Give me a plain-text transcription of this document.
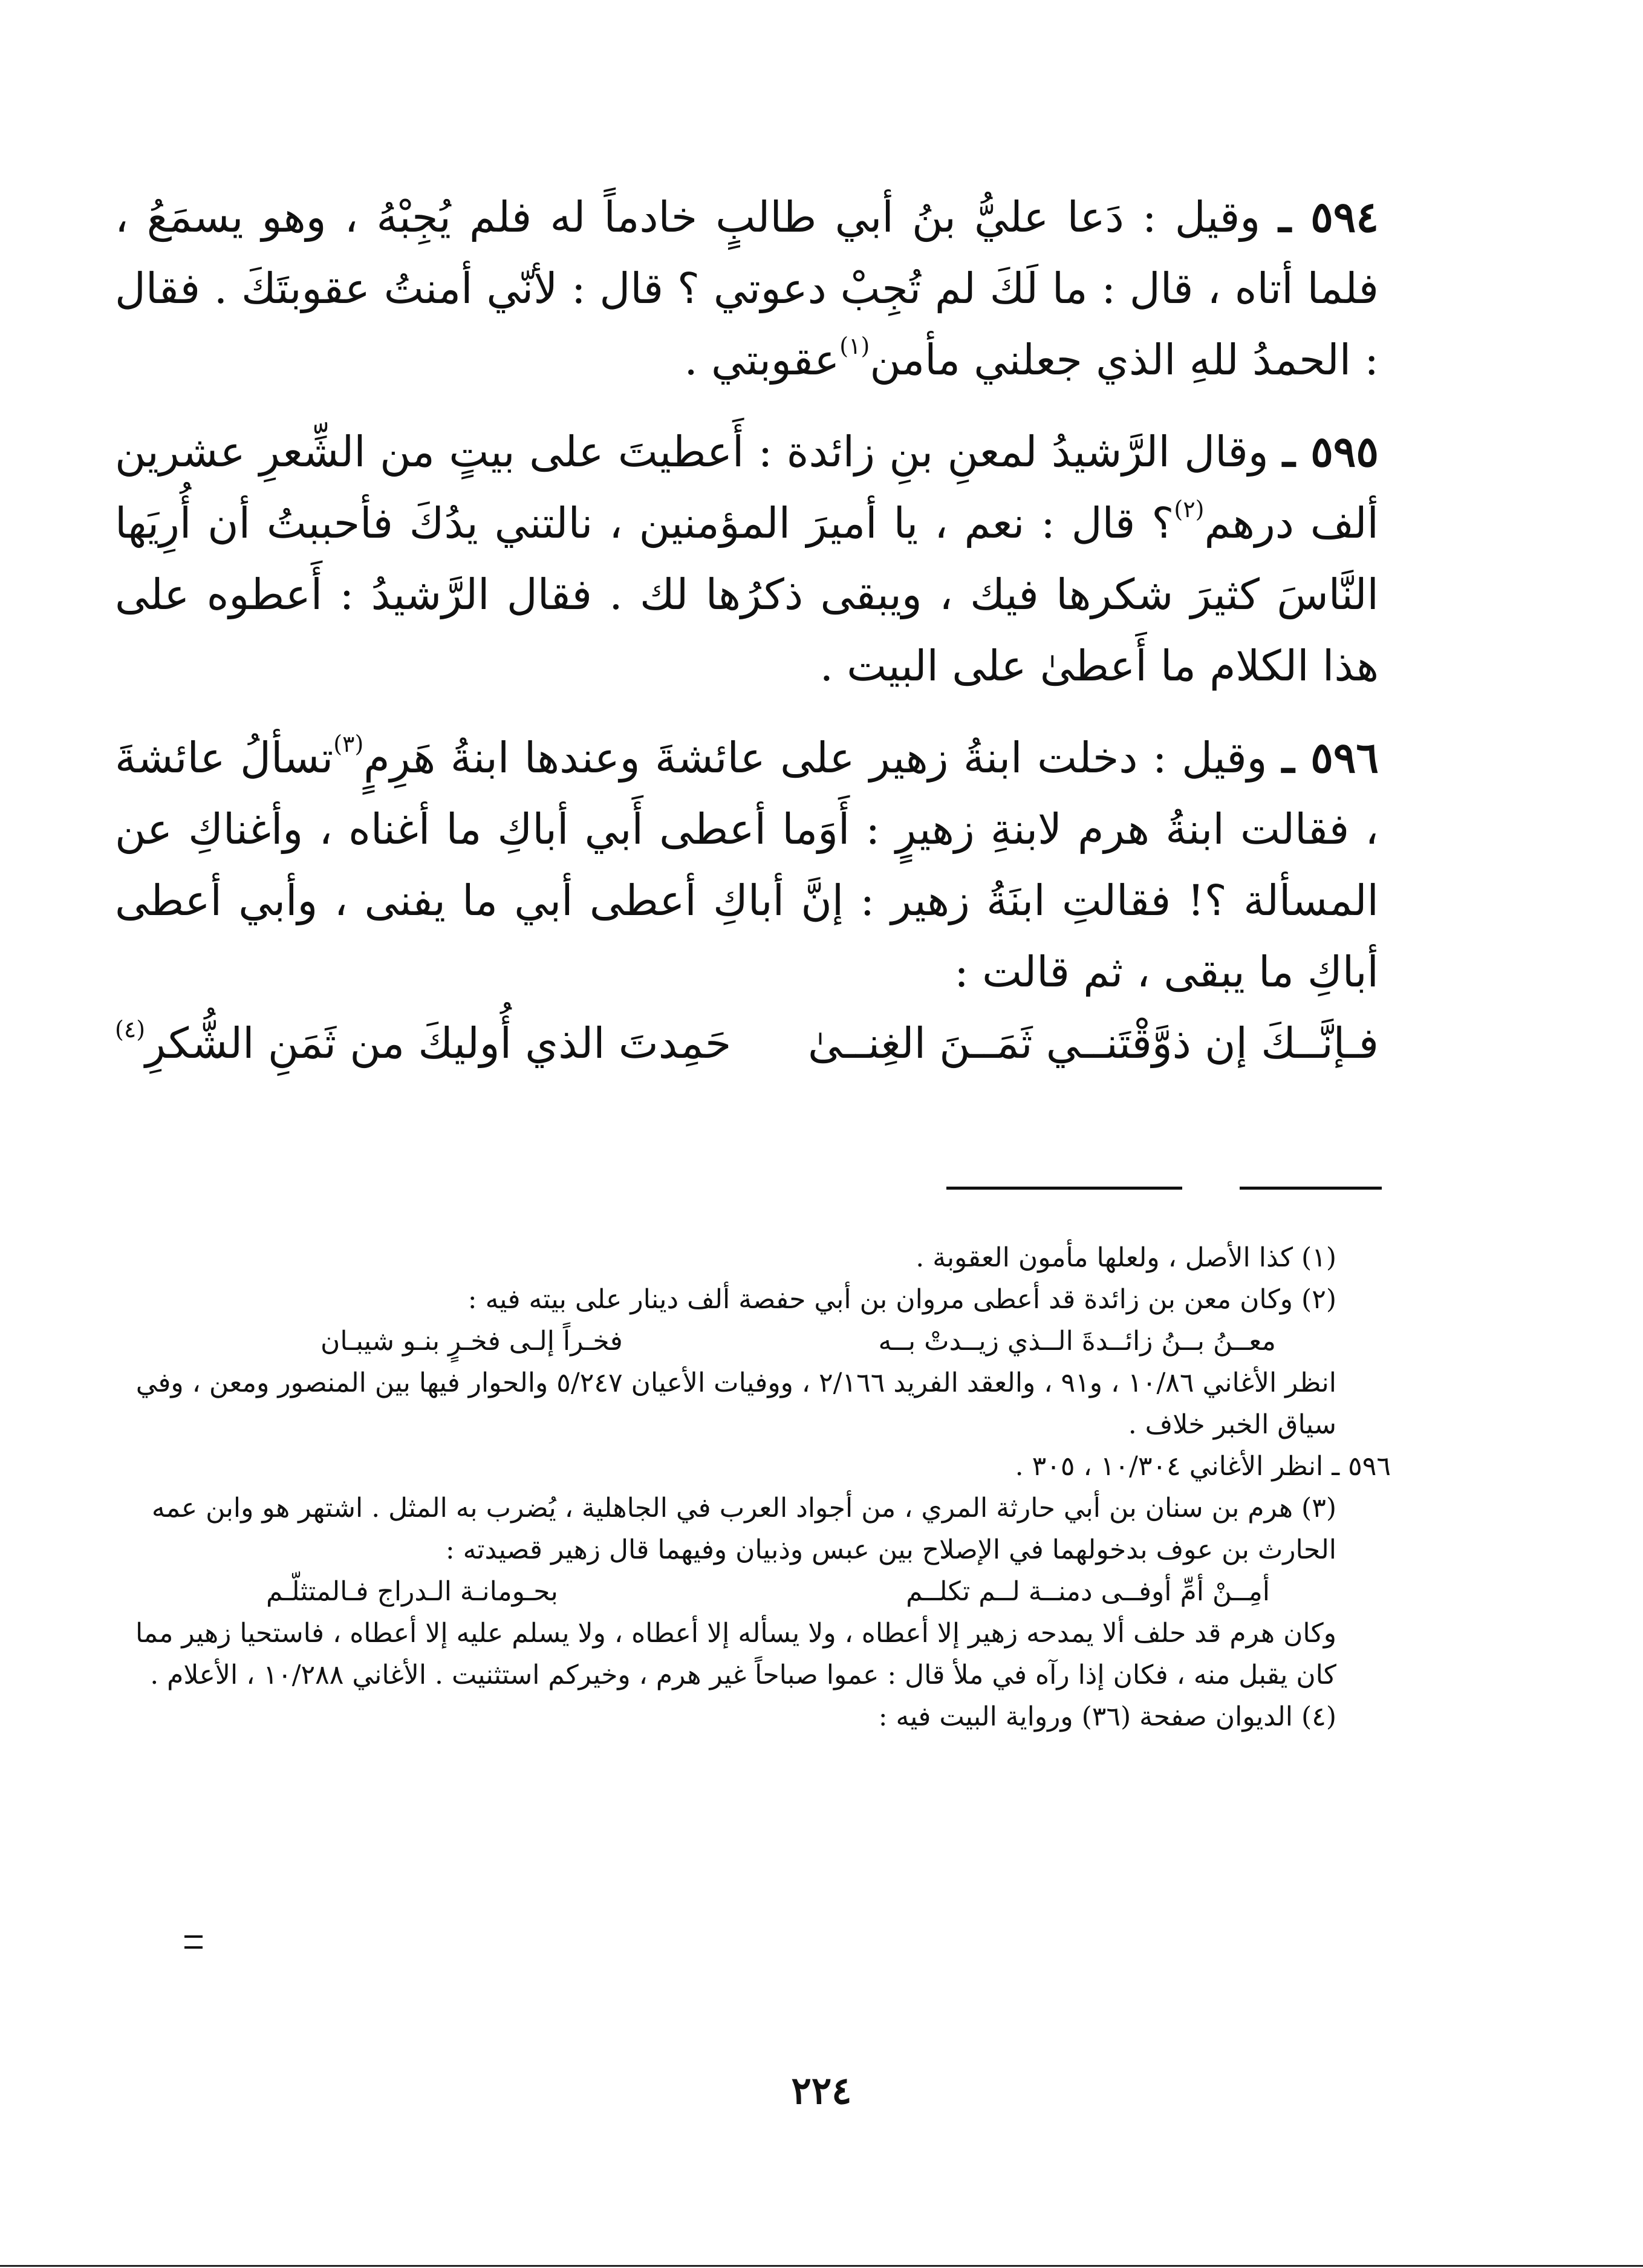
٥٩٤ ـ وقيل : دَعا عليُّ بنُ أبي طالبٍ خادماً له فلم يُجِبْهُ ، وهو يسمَعُ ، فلما أتاه ، قال : ما لَكَ لم تُجِبْ دعوتي ؟ قال : لأنّي أمنتُ عقوبتَكَ . فقال : الحمدُ للهِ الذي جعلني مأمن$^{(١)}$عقوبتي .

٥٩٥ ـ وقال الرَّشيدُ لمعنِ بنِ زائدة : أَعطيتَ على بيتٍ من الشِّعرِ عشرين ألف درهم$^{(٢)}$؟ قال : نعم ، يا أميرَ المؤمنين ، نالتني يدُكَ فأحببتُ أن أُرِيَها النَّاسَ كثيرَ شكرها فيك ، ويبقى ذكرُها لك . فقال الرَّشيدُ : أَعطوه على هذا الكلام ما أَعطىٰ على البيت .

٥٩٦ ـ وقيل : دخلت ابنةُ زهير على عائشةَ وعندها ابنةُ هَرِمٍ$^{(٣)}$تسألُ عائشةَ ، فقالت ابنةُ هرم لابنةِ زهيرٍ : أَوَما أعطى أَبي أباكِ ما أغناه ، وأغناكِ عن المسألة ؟! فقالتِ ابنَةُ زهير : إنَّ أباكِ أعطى أبي ما يفنى ، وأبي أعطى أباكِ ما يبقى ، ثم قالت :

فـإنَّــكَ إن ذوَّقْتَنــي ثَمَــنَ الغِنــىٰ
حَمِدتَ الذي أُوليكَ من ثَمَنِ الشُّكرِ$^{(٤)}$

(١) كذا الأصل ، ولعلها مأمون العقوبة .

(٢) وكان معن بن زائدة قد أعطى مروان بن أبي حفصة ألف دينار على بيته فيه :

معــنُ بــنُ زائــدةَ الــذي زيــدتْ بــه
فخـراً إلـى فخـرٍ بنـو شيبـان

انظر الأغاني ١٠/٨٦ ، و٩١ ، والعقد الفريد ٢/١٦٦ ، ووفيات الأعيان ٥/٢٤٧ والحوار فيها بين المنصور ومعن ، وفي سياق الخبر خلاف .

٥٩٦ ـ انظر الأغاني ١٠/٣٠٤ ، ٣٠٥ .

(٣) هرم بن سنان بن أبي حارثة المري ، من أجواد العرب في الجاهلية ، يُضرب به المثل . اشتهر هو وابن عمه الحارث بن عوف بدخولهما في الإصلاح بين عبس وذبيان وفيهما قال زهير قصيدته :

أمِــنْ أمِّ أوفــى دمنــة لــم تكلــم
بحـومانـة الـدراج فـالمتثلّـم

وكان هرم قد حلف ألا يمدحه زهير إلا أعطاه ، ولا يسأله إلا أعطاه ، ولا يسلم عليه إلا أعطاه ، فاستحيا زهير مما كان يقبل منه ، فكان إذا رآه في ملأ قال : عموا صباحاً غير هرم ، وخيركم استثنيت . الأغاني ١٠/٢٨٨ ، الأعلام .

(٤) الديوان صفحة (٣٦) ورواية البيت فيه :

٢٢٤
